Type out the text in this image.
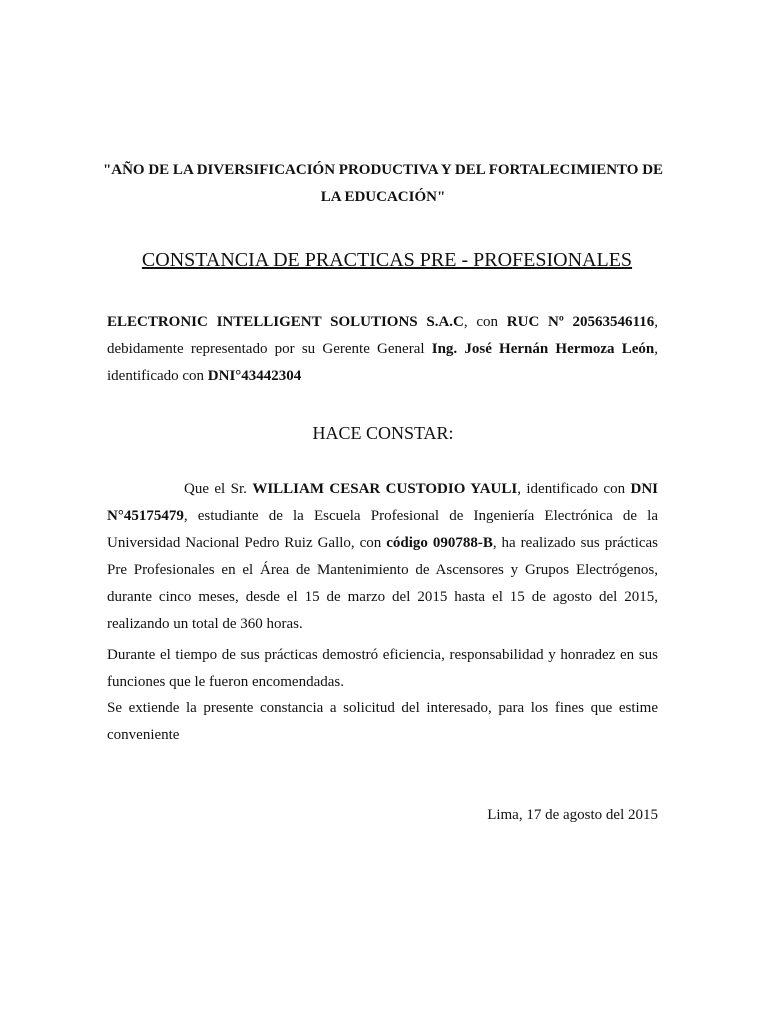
"AÑO DE LA DIVERSIFICACIÓN PRODUCTIVA Y DEL FORTALECIMIENTO DE LA EDUCACIÓN"
CONSTANCIA DE PRACTICAS PRE - PROFESIONALES
ELECTRONIC INTELLIGENT SOLUTIONS S.A.C, con RUC Nº 20563546116, debidamente representado por su Gerente General Ing. José Hernán Hermoza León, identificado con DNI°43442304
HACE CONSTAR:
Que el Sr. WILLIAM CESAR CUSTODIO YAULI, identificado con DNI N°45175479, estudiante de la Escuela Profesional de Ingeniería Electrónica de la Universidad Nacional Pedro Ruiz Gallo, con código 090788-B, ha realizado sus prácticas Pre Profesionales en el Área de Mantenimiento de Ascensores y Grupos Electrógenos, durante cinco meses, desde el 15 de marzo del 2015 hasta el 15 de agosto del 2015, realizando un total de 360 horas.
Durante el tiempo de sus prácticas demostró eficiencia, responsabilidad y honradez en sus funciones que le fueron encomendadas.
Se extiende la presente constancia a solicitud del interesado, para los fines que estime conveniente
Lima, 17 de agosto del 2015
